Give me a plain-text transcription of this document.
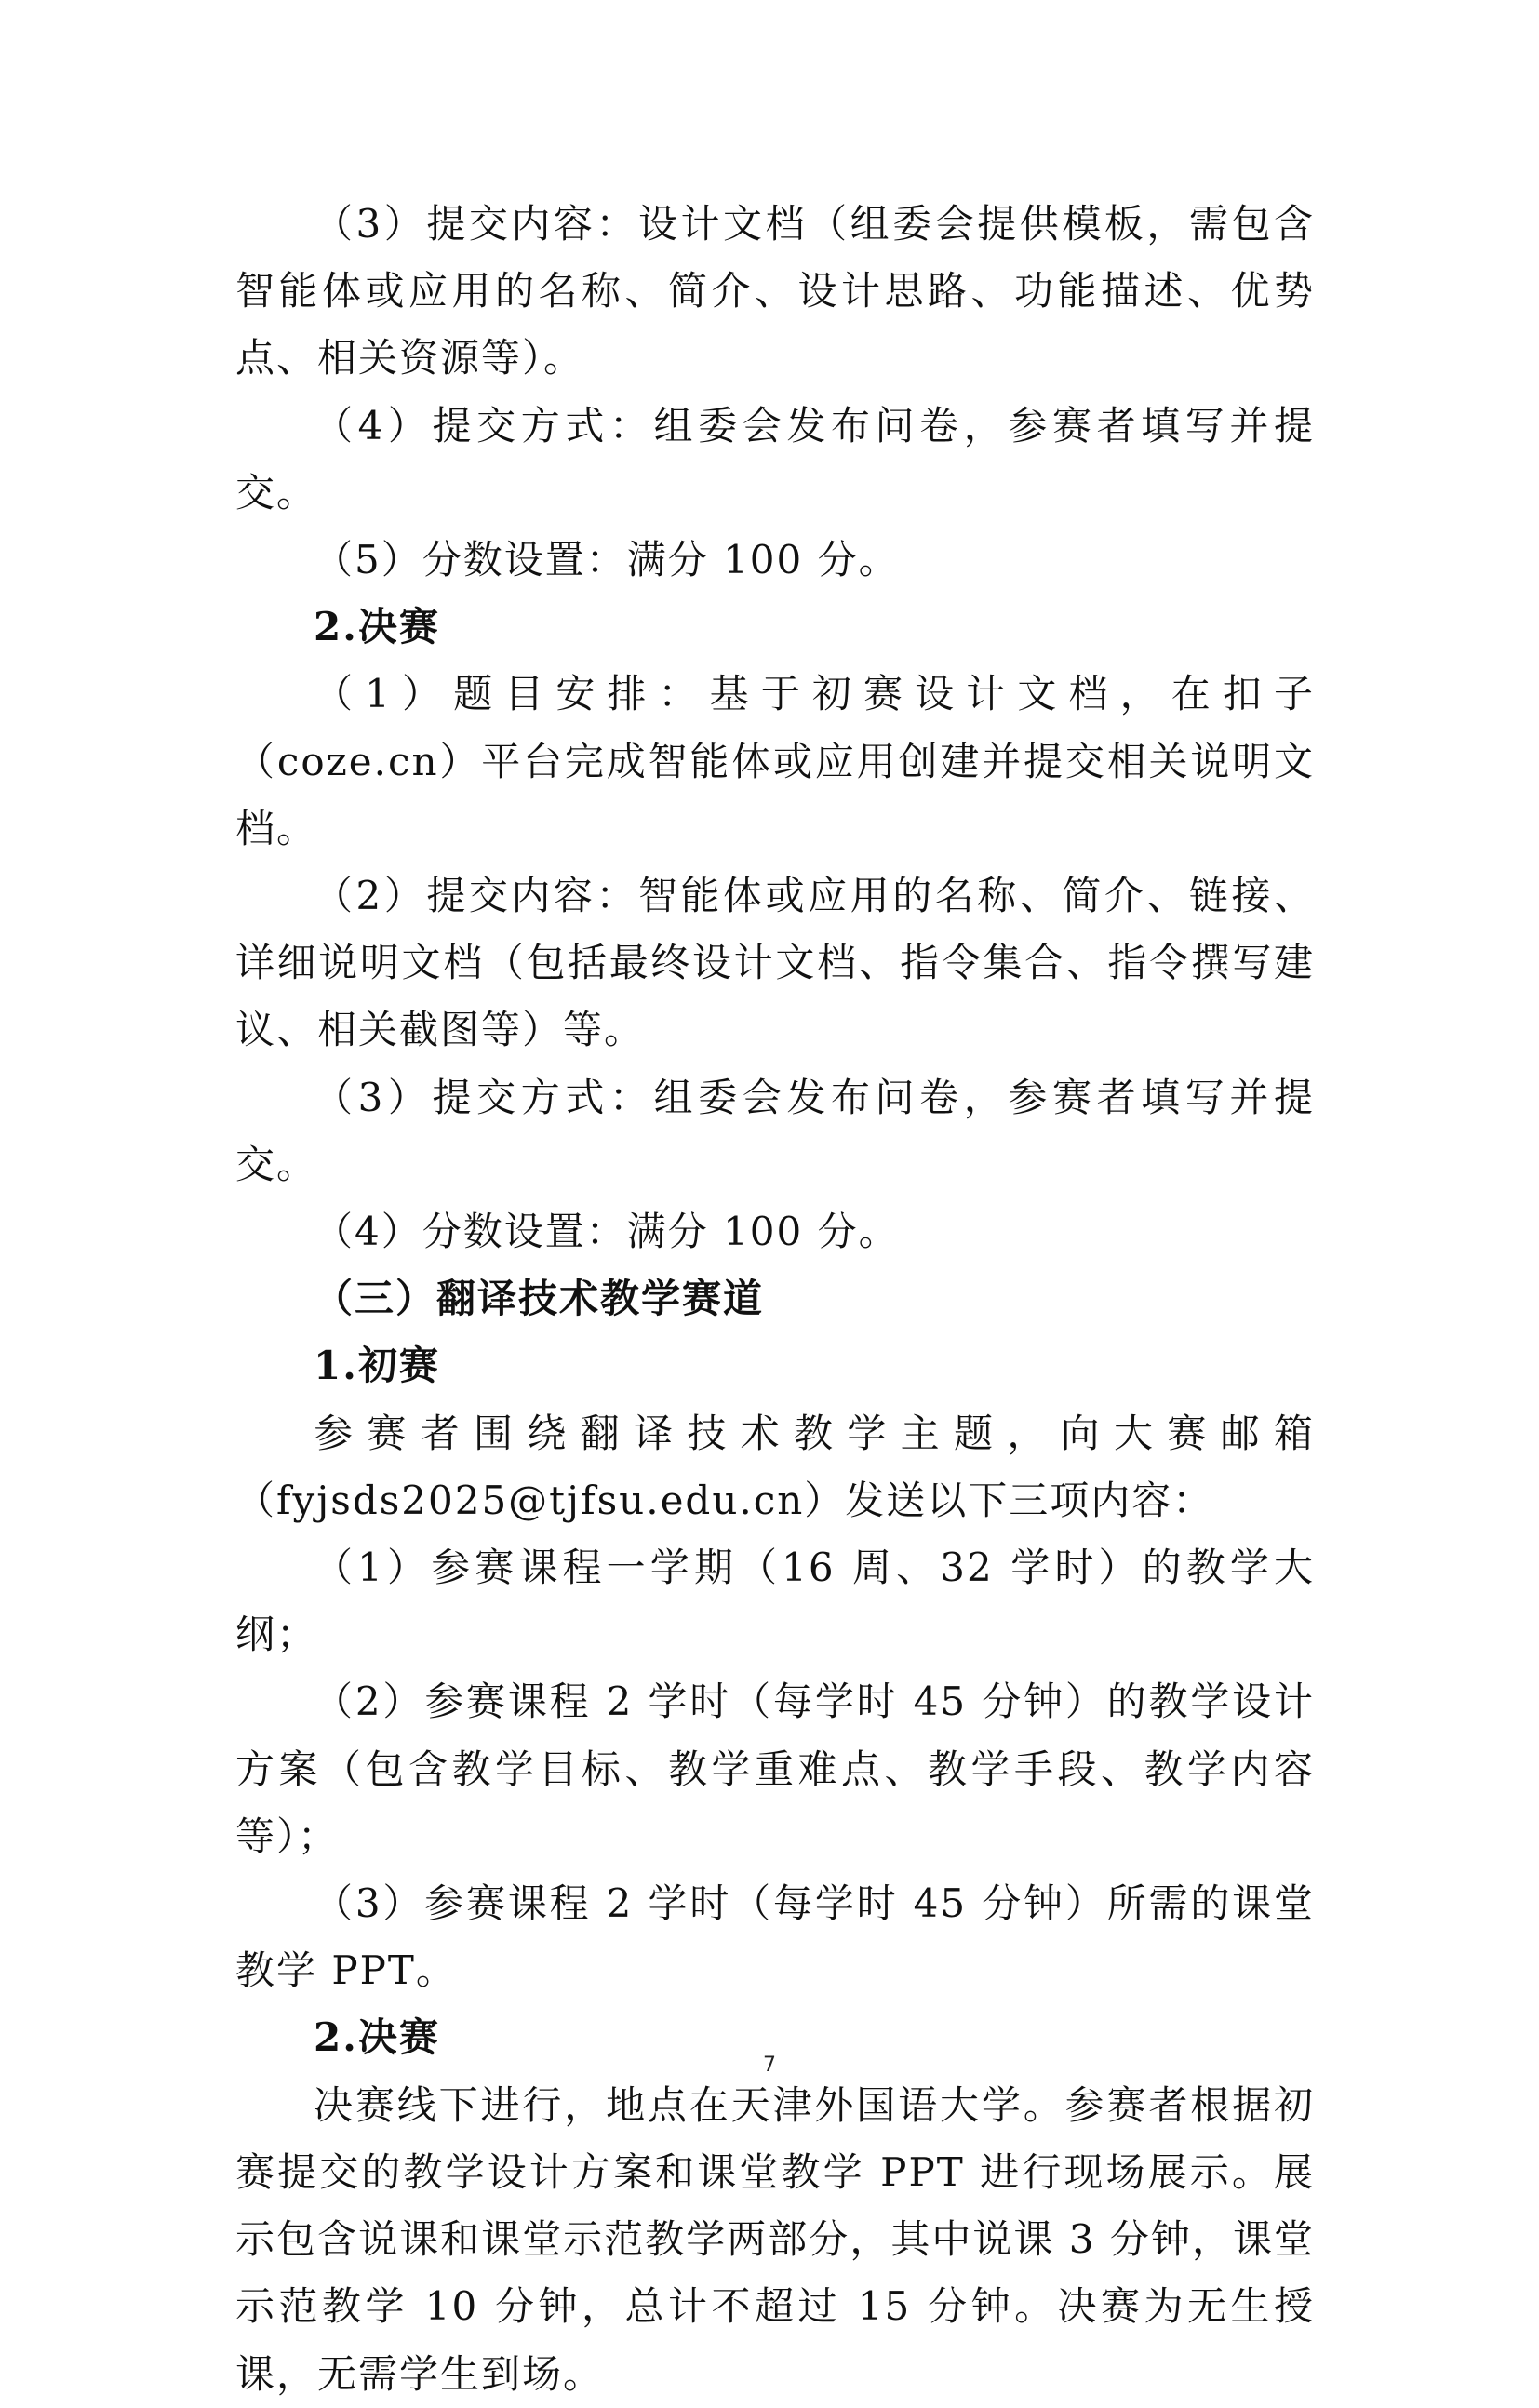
（3）提交内容：设计文档（组委会提供模板，需包含智能体或应用的名称、简介、设计思路、功能描述、优势点、相关资源等）。

（4）提交方式：组委会发布问卷，参赛者填写并提交。

（5）分数设置：满分 100 分。

2.决赛

（1）题目安排：基于初赛设计文档，在扣子（coze.cn）平台完成智能体或应用创建并提交相关说明文档。

（2）提交内容：智能体或应用的名称、简介、链接、详细说明文档（包括最终设计文档、指令集合、指令撰写建议、相关截图等）等。

（3）提交方式：组委会发布问卷，参赛者填写并提交。

（4）分数设置：满分 100 分。

（三）翻译技术教学赛道

1.初赛

参赛者围绕翻译技术教学主题，向大赛邮箱（fyjsds2025@tjfsu.edu.cn）发送以下三项内容：

（1）参赛课程一学期（16 周、32 学时）的教学大纲；

（2）参赛课程 2 学时（每学时 45 分钟）的教学设计方案（包含教学目标、教学重难点、教学手段、教学内容等）；

（3）参赛课程 2 学时（每学时 45 分钟）所需的课堂教学 PPT。

2.决赛

决赛线下进行，地点在天津外国语大学。参赛者根据初赛提交的教学设计方案和课堂教学 PPT 进行现场展示。展示包含说课和课堂示范教学两部分，其中说课 3 分钟，课堂示范教学 10 分钟，总计不超过 15 分钟。决赛为无生授课，无需学生到场。

7
